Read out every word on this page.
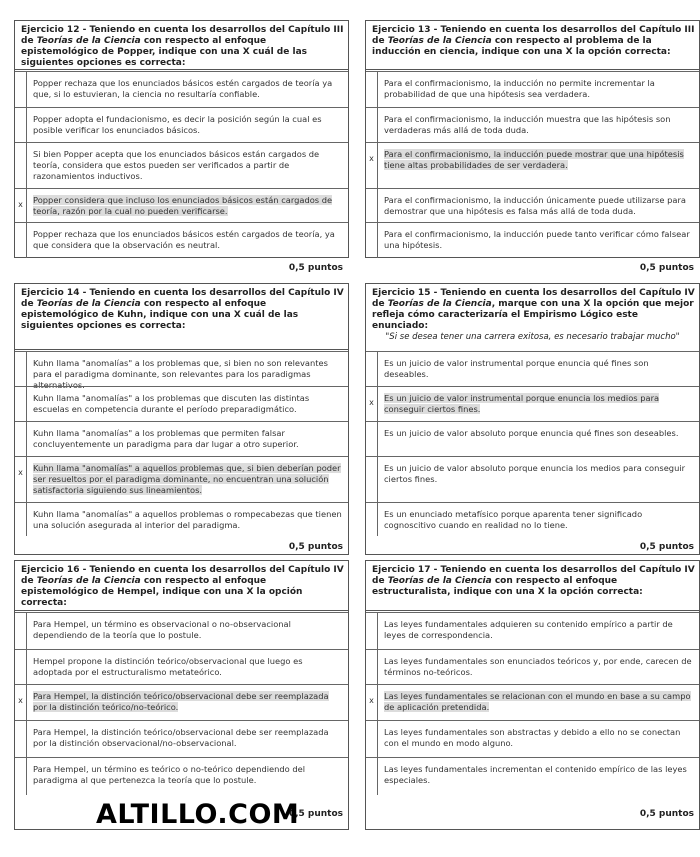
Ejercicio 12 - Teniendo en cuenta los desarrollos del Capítulo III de Teorías de la Ciencia con respecto al enfoque epistemológico de Popper, indique con una X cuál de las siguientes opciones es correcta:
Popper rechaza que los enunciados básicos estén cargados de teoría ya que, si lo estuvieran, la ciencia no resultaría confiable.
Popper adopta el fundacionismo, es decir la posición según la cual es posible verificar los enunciados básicos.
Si bien Popper acepta que los enunciados básicos están cargados de teoría, considera que estos pueden ser verificados a partir de razonamientos inductivos.
x	Popper considera que incluso los enunciados básicos están cargados de teoría, razón por la cual no pueden verificarse.
Popper rechaza que los enunciados básicos estén cargados de teoría, ya que considera que la observación es neutral.
0,5 puntos
Ejercicio 14 - Teniendo en cuenta los desarrollos del Capítulo IV de Teorías de la Ciencia con respecto al enfoque epistemológico de Kuhn, indique con una X cuál de las siguientes opciones es correcta:
Kuhn llama "anomalías" a los problemas que, si bien no son relevantes para el paradigma dominante, son relevantes para los paradigmas alternativos.
Kuhn llama "anomalías" a los problemas que discuten las distintas escuelas en competencia durante el período preparadigmático.
Kuhn llama "anomalías" a los problemas que permiten falsar concluyentemente un paradigma para dar lugar a otro superior.
x	Kuhn llama "anomalías" a aquellos problemas que, si bien deberían poder ser resueltos por el paradigma dominante, no encuentran una solución satisfactoria siguiendo sus lineamientos.
Kuhn llama "anomalías" a aquellos problemas o rompecabezas que tienen una solución asegurada al interior del paradigma.
0,5 puntos
Ejercicio 16 - Teniendo en cuenta los desarrollos del Capítulo IV de Teorías de la Ciencia con respecto al enfoque epistemológico de Hempel, indique con una X la opción correcta:
Para Hempel, un término es observacional o no-observacional dependiendo de la teoría que lo postule.
Hempel propone la distinción teórico/observacional que luego es adoptada por el estructuralismo metateórico.
x	Para Hempel, la distinción teórico/observacional debe ser reemplazada por la distinción teórico/no-teórico.
Para Hempel, la distinción teórico/observacional debe ser reemplazada por la distinción observacional/no-observacional.
Para Hempel, un término es teórico o no-teórico dependiendo del paradigma al que pertenezca la teoría que lo postule.
0,5 puntos
Ejercicio 13 - Teniendo en cuenta los desarrollos del Capítulo III de Teorías de la Ciencia con respecto al problema de la inducción en ciencia, indique con una X la opción correcta:
Para el confirmacionismo, la inducción no permite incrementar la probabilidad de que una hipótesis sea verdadera.
Para el confirmacionismo, la inducción muestra que las hipótesis son verdaderas más allá de toda duda.
x	Para el confirmacionismo, la inducción puede mostrar que una hipótesis tiene altas probabilidades de ser verdadera.
Para el confirmacionismo, la inducción únicamente puede utilizarse para demostrar que una hipótesis es falsa más allá de toda duda.
Para el confirmacionismo, la inducción puede tanto verificar cómo falsear una hipótesis.
0,5 puntos
Ejercicio 15 - Teniendo en cuenta los desarrollos del Capítulo IV de Teorías de la Ciencia, marque con una X la opción que mejor refleja cómo caracterizaría el Empirismo Lógico este enunciado:
"Si se desea tener una carrera exitosa, es necesario trabajar mucho"
Es un juicio de valor instrumental porque enuncia qué fines son deseables.
x	Es un juicio de valor instrumental porque enuncia los medios para conseguir ciertos fines.
Es un juicio de valor absoluto porque enuncia qué fines son deseables.
Es un juicio de valor absoluto porque enuncia los medios para conseguir ciertos fines.
Es un enunciado metafísico porque aparenta tener significado cognoscitivo cuando en realidad no lo tiene.
0,5 puntos
Ejercicio 17 - Teniendo en cuenta los desarrollos del Capítulo IV de Teorías de la Ciencia con respecto al enfoque estructuralista, indique con una X la opción correcta:
Las leyes fundamentales adquieren su contenido empírico a partir de leyes de correspondencia.
Las leyes fundamentales son enunciados teóricos y, por ende, carecen de términos no-teóricos.
x	Las leyes fundamentales se relacionan con el mundo en base a su campo de aplicación pretendida.
Las leyes fundamentales son abstractas y debido a ello no se conectan con el mundo en modo alguno.
Las leyes fundamentales incrementan el contenido empírico de las leyes especiales.
0,5 puntos
ALTILLO.COM
